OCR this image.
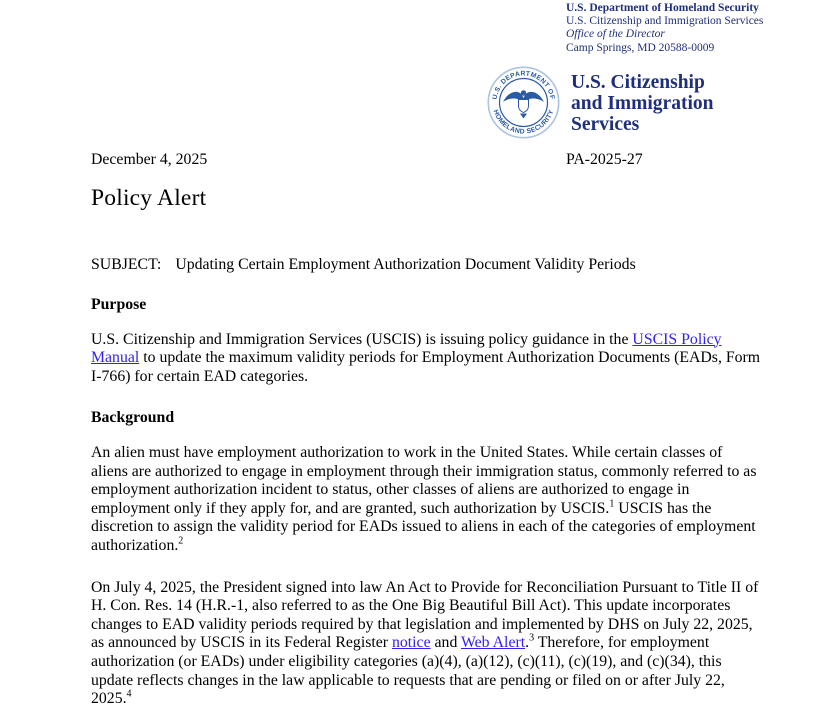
U.S. Department of Homeland Security
U.S. Citizenship and Immigration Services
Office of the Director
Camp Springs, MD 20588-0009
U.S. DEPARTMENT OF
HOMELAND SECURITY
U.S. Citizenship
and Immigration
Services
December 4, 2025	PA-2025-27
Policy Alert
SUBJECT: Updating Certain Employment Authorization Document Validity Periods
Purpose

U.S. Citizenship and Immigration Services (USCIS) is issuing policy guidance in the USCIS Policy Manual to update the maximum validity periods for Employment Authorization Documents (EADs, Form I-766) for certain EAD categories.

Background

An alien must have employment authorization to work in the United States. While certain classes of aliens are authorized to engage in employment through their immigration status, commonly referred to as employment authorization incident to status, other classes of aliens are authorized to engage in employment only if they apply for, and are granted, such authorization by USCIS.$^1$ USCIS has the discretion to assign the validity period for EADs issued to aliens in each of the categories of employment authorization.$^2$

On July 4, 2025, the President signed into law An Act to Provide for Reconciliation Pursuant to Title II of H. Con. Res. 14 (H.R.-1, also referred to as the One Big Beautiful Bill Act). This update incorporates changes to EAD validity periods required by that legislation and implemented by DHS on July 22, 2025, as announced by USCIS in its Federal Register notice and Web Alert.$^3$ Therefore, for employment authorization (or EADs) under eligibility categories (a)(4), (a)(12), (c)(11), (c)(19), and (c)(34), this update reflects changes in the law applicable to requests that are pending or filed on or after July 22, 2025.$^4$
